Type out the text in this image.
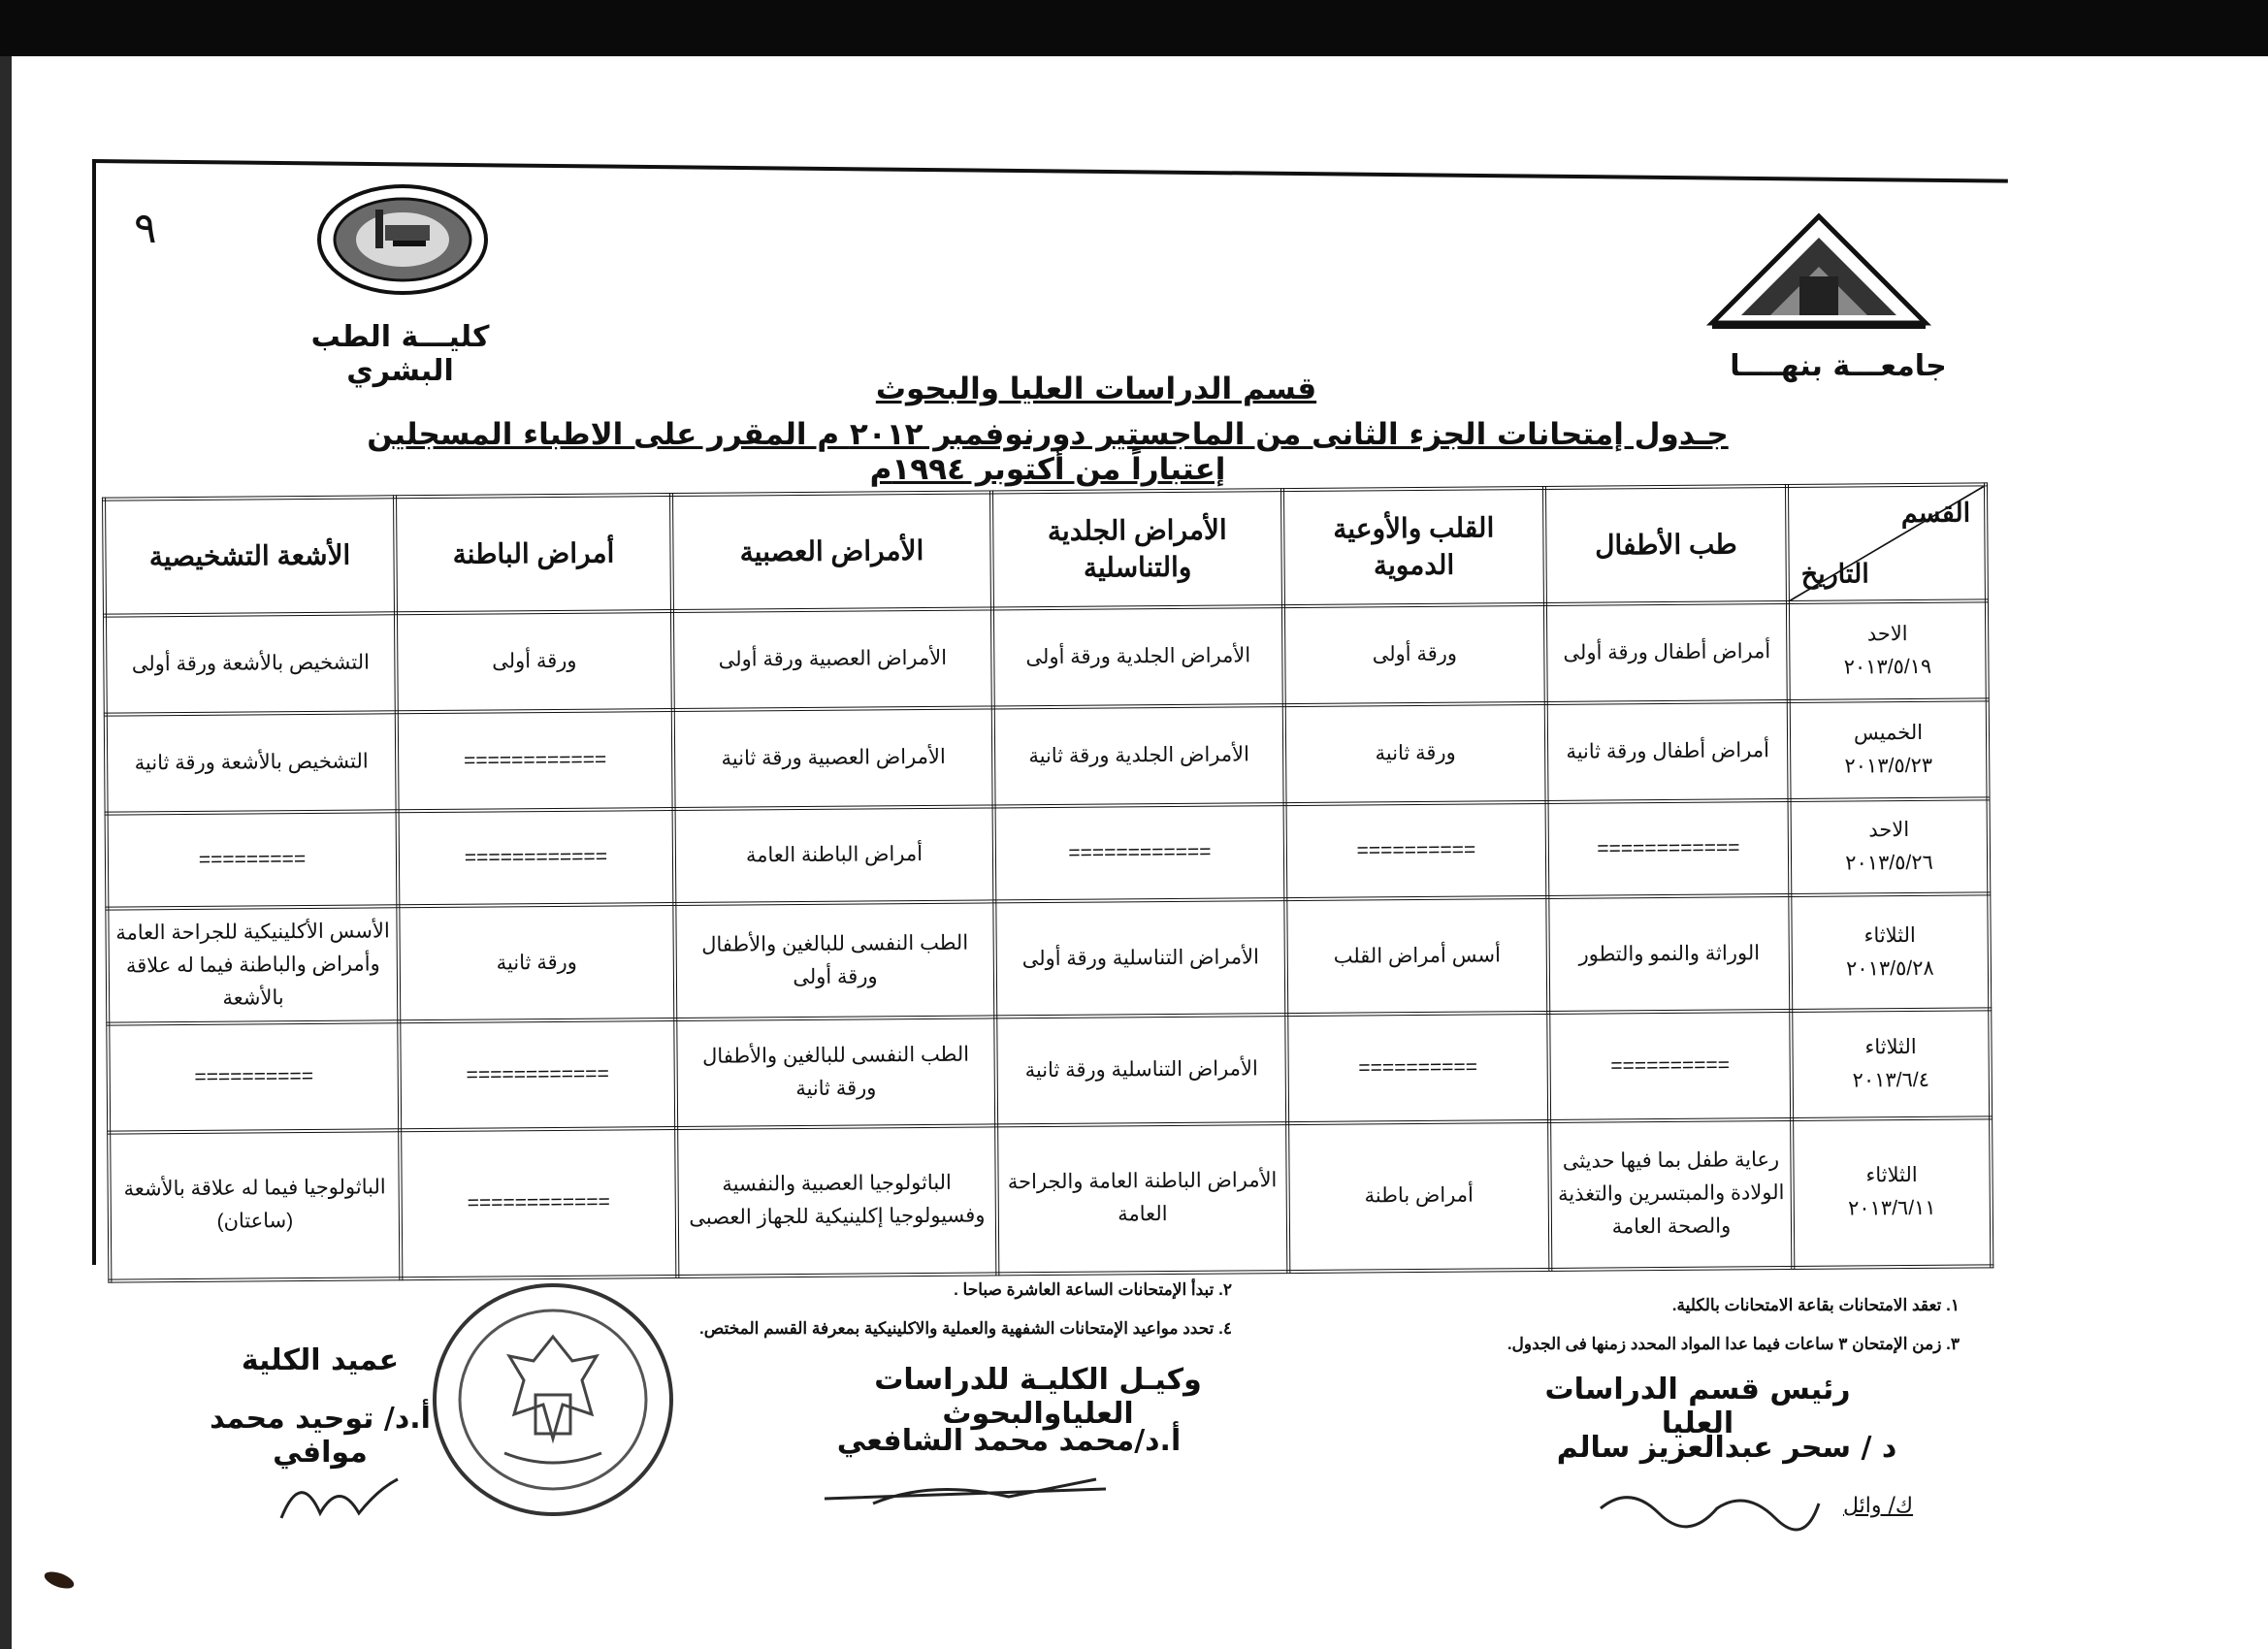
٩
كليـــة الطب البشري	جامعـــة بنهــــا
قسم الدراسات العليا والبحوث
جـدول إمتحانات الجزء الثانى من الماجستير دورنوفمبر ٢٠١٢ م المقرر على الاطباء المسجلين إعتباراً من أكتوبر ١٩٩٤م
القسم
التاريخ	طب الأطفال	القلب والأوعية الدموية	الأمراض الجلدية والتناسلية	الأمراض العصبية	أمراض الباطنة	الأشعة التشخيصية

الاحد
٢٠١٣/٥/١٩	أمراض أطفال ورقة أولى	ورقة أولى	الأمراض الجلدية ورقة أولى	الأمراض العصبية ورقة أولى	ورقة أولى	التشخيص بالأشعة ورقة أولى

الخميس
٢٠١٣/٥/٢٣	أمراض أطفال ورقة ثانية	ورقة ثانية	الأمراض الجلدية ورقة ثانية	الأمراض العصبية ورقة ثانية	============	التشخيص بالأشعة ورقة ثانية

الاحد
٢٠١٣/٥/٢٦	============	==========	============	أمراض الباطنة العامة	============	=========

الثلاثاء
٢٠١٣/٥/٢٨	الوراثة والنمو والتطور	أسس أمراض القلب	الأمراض التناسلية ورقة أولى	الطب النفسى للبالغين والأطفال ورقة أولى	ورقة ثانية	الأسس الأكلينيكية للجراحة العامة وأمراض والباطنة فيما له علاقة بالأشعة

الثلاثاء
٢٠١٣/٦/٤	==========	==========	الأمراض التناسلية ورقة ثانية	الطب النفسى للبالغين والأطفال ورقة ثانية	============	==========

الثلاثاء
٢٠١٣/٦/١١	رعاية طفل بما فيها حديثى الولادة والمبتسرين والتغذية والصحة العامة	أمراض باطنة	الأمراض الباطنة العامة والجراحة العامة	الباثولوجيا العصبية والنفسية وفسيولوجيا إكلينيكية للجهاز العصبى	============	الباثولوجيا فيما له علاقة بالأشعة (ساعتان)
١. تعقد الامتحانات بقاعة الامتحانات بالكلية.
٢. تبدأ الإمتحانات الساعة العاشرة صباحا .
٣. زمن الإمتحان ٣ ساعات فيما عدا المواد المحدد زمنها فى الجدول.
٤. تحدد مواعيد الإمتحانات الشفهية والعملية والاكلينيكية بمعرفة القسم المختص.
رئيس قسم الدراسات العليا
د / سحر عبدالعزيز سالم
وكيـل الكليـة للدراسات العلياوالبحوث
أ.د/محمد محمد الشافعي
عميد الكلية
أ.د/ توحيد محمد موافي
ك/ وائل
